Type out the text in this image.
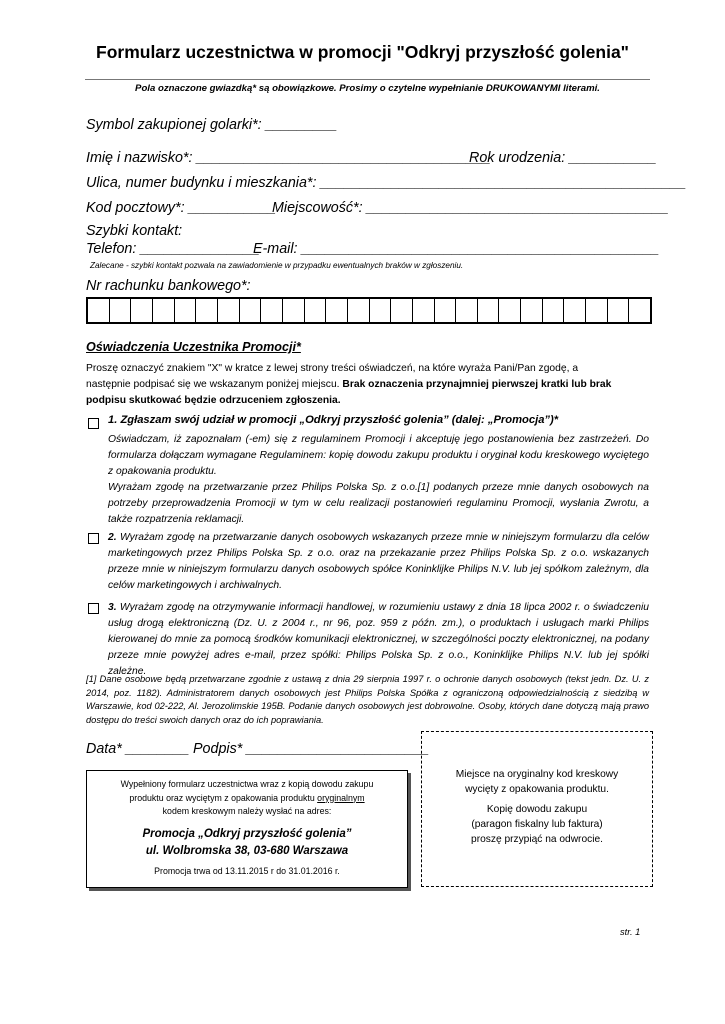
Formularz uczestnictwa w promocji "Odkryj przyszłość golenia"
Pola oznaczone gwiazdką* są obowiązkowe. Prosimy o czytelne wypełnianie DRUKOWANYMI literami.
Symbol zakupionej golarki*: _________
Imię i nazwisko*: _____________________________________
Rok urodzenia: ___________
Ulica, numer budynku i mieszkania*: ______________________________________________
Kod pocztowy*: ___________
Miejscowość*: ______________________________________
Szybki kontakt:
Telefon: _______________
E-mail: _____________________________________________
Zalecane - szybki kontakt pozwala na zawiadomienie w przypadku ewentualnych braków w zgłoszeniu.
Nr rachunku bankowego*:
Oświadczenia Uczestnika Promocji*
Proszę oznaczyć znakiem "X" w kratce z lewej strony treści oświadczeń, na które wyraża Pani/Pan zgodę, a
następnie podpisać się we wskazanym poniżej miejscu. Brak oznaczenia przynajmniej pierwszej kratki lub brak
podpisu skutkować będzie odrzuceniem zgłoszenia.
1. Zgłaszam swój udział w promocji „Odkryj przyszłość golenia” (dalej: „Promocja”)*
Oświadczam, iż zapoznałam (-em) się z regulaminem Promocji i akceptuję jego postanowienia bez zastrzeżeń. Do formularza dołączam wymagane Regulaminem: kopię dowodu zakupu produktu i oryginał kodu kreskowego wyciętego z opakowania produktu.
Wyrażam zgodę na przetwarzanie przez Philips Polska Sp. z o.o.[1] podanych przeze mnie danych osobowych na potrzeby przeprowadzenia Promocji w tym w celu realizacji postanowień regulaminu Promocji, wysłania Zwrotu, a także rozpatrzenia reklamacji.
2. Wyrażam zgodę na przetwarzanie danych osobowych wskazanych przeze mnie w niniejszym formularzu dla celów marketingowych przez Philips Polska Sp. z o.o. oraz na przekazanie przez Philips Polska Sp. z o.o. wskazanych przeze mnie w niniejszym formularzu danych osobowych spółce Koninklijke Philips N.V. lub jej spółkom zależnym, dla celów marketingowych i archiwalnych.
3. Wyrażam zgodę na otrzymywanie informacji handlowej, w rozumieniu ustawy z dnia 18 lipca 2002 r. o świadczeniu usług drogą elektroniczną (Dz. U. z 2004 r., nr 96, poz. 959 z późn. zm.), o produktach i usługach marki Philips kierowanej do mnie za pomocą środków komunikacji elektronicznej, w szczególności poczty elektronicznej, na podany przeze mnie powyżej adres e-mail, przez spółki: Philips Polska Sp. z o.o., Koninklijke Philips N.V. lub jej spółki zależne.
[1] Dane osobowe będą przetwarzane zgodnie z ustawą z dnia 29 sierpnia 1997 r. o ochronie danych osobowych (tekst jedn. Dz. U. z 2014, poz. 1182). Administratorem danych osobowych jest Philips Polska Spółka z ograniczoną odpowiedzialnością z siedzibą w Warszawie, kod 02-222, Al. Jerozolimskie 195B. Podanie danych osobowych jest dobrowolne. Osoby, których dane dotyczą mają prawo dostępu do treści swoich danych oraz do ich poprawiania.
Data* ________ Podpis* _______________________
Wypełniony formularz uczestnictwa wraz z kopią dowodu zakupu
produktu oraz wyciętym z opakowania produktu oryginalnym
kodem kreskowym należy wysłać na adres:
Promocja „Odkryj przyszłość golenia”
ul. Wolbromska 38, 03-680 Warszawa
Promocja trwa od 13.11.2015 r do 31.01.2016 r.
Miejsce na oryginalny kod kreskowy
wycięty z opakowania produktu.
Kopię dowodu zakupu
(paragon fiskalny lub faktura)
proszę przypiąć na odwrocie.
str. 1
